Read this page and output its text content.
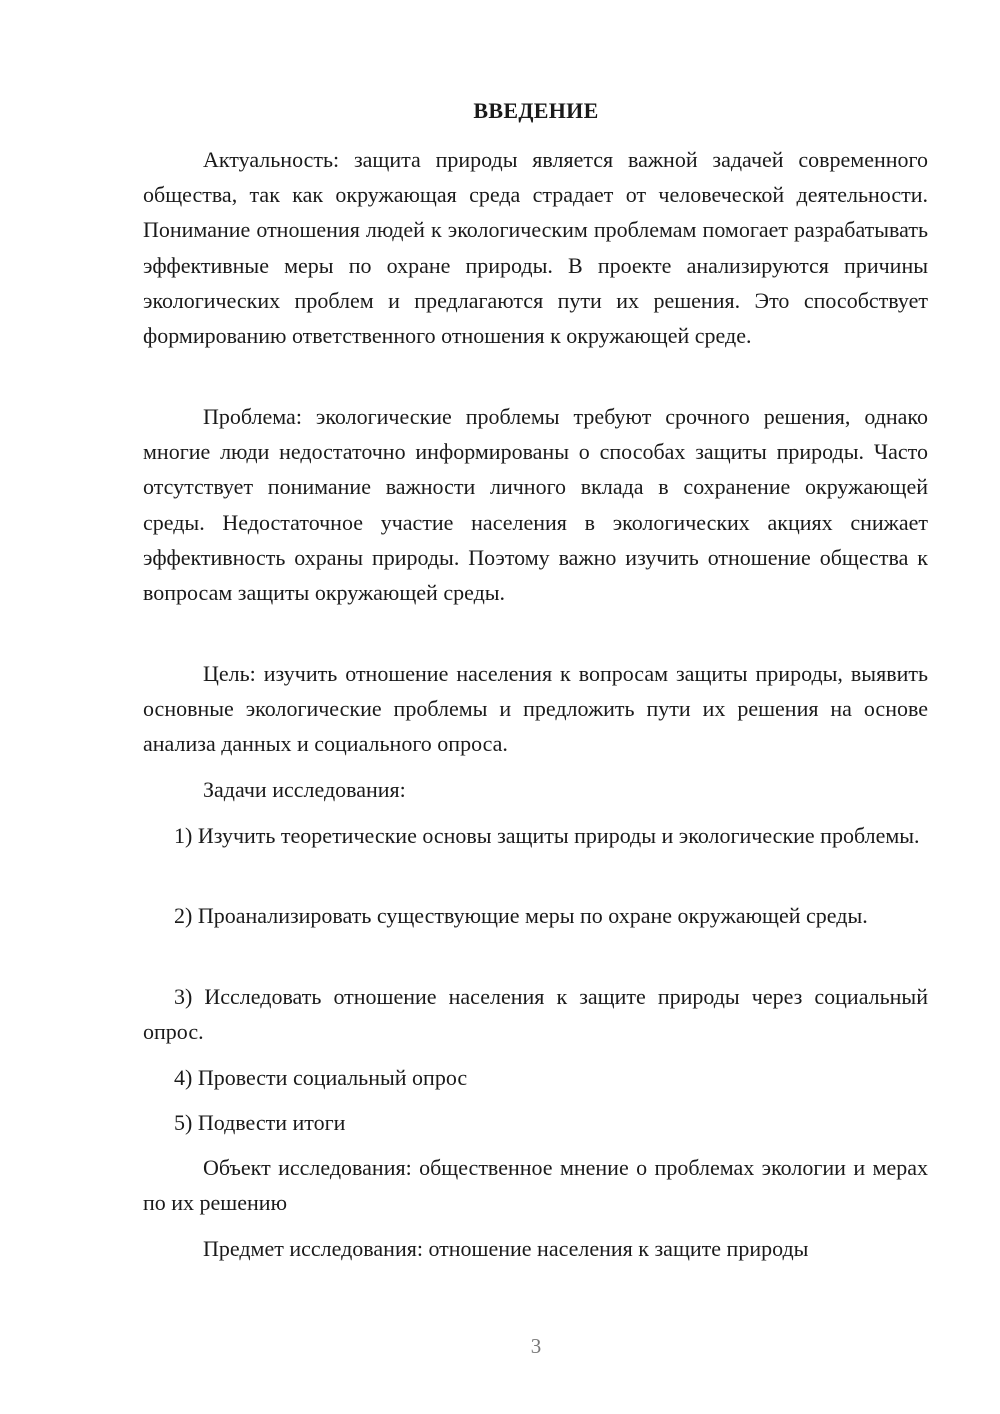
ВВЕДЕНИЕ

Актуальность: защита природы является важной задачей современного общества, так как окружающая среда страдает от человеческой деятельности. Понимание отношения людей к экологическим проблемам помогает разрабатывать эффективные меры по охране природы. В проекте анализируются причины экологических проблем и предлагаются пути их решения. Это способствует формированию ответственного отношения к окружающей среде.

Проблема: экологические проблемы требуют срочного решения, однако многие люди недостаточно информированы о способах защиты природы. Часто отсутствует понимание важности личного вклада в сохранение окружающей среды. Недостаточное участие населения в экологических акциях снижает эффективность охраны природы. Поэтому важно изучить отношение общества к вопросам защиты окружающей среды.

Цель: изучить отношение населения к вопросам защиты природы, выявить основные экологические проблемы и предложить пути их решения на основе анализа данных и социального опроса.

Задачи исследования:

1) Изучить теоретические основы защиты природы и экологические проблемы.

2) Проанализировать существующие меры по охране окружающей среды.

3) Исследовать отношение населения к защите природы через социальный опрос.

4) Провести социальный опрос

5) Подвести итоги

Объект исследования: общественное мнение о проблемах экологии и мерах по их решению

Предмет исследования: отношение населения к защите природы

3
